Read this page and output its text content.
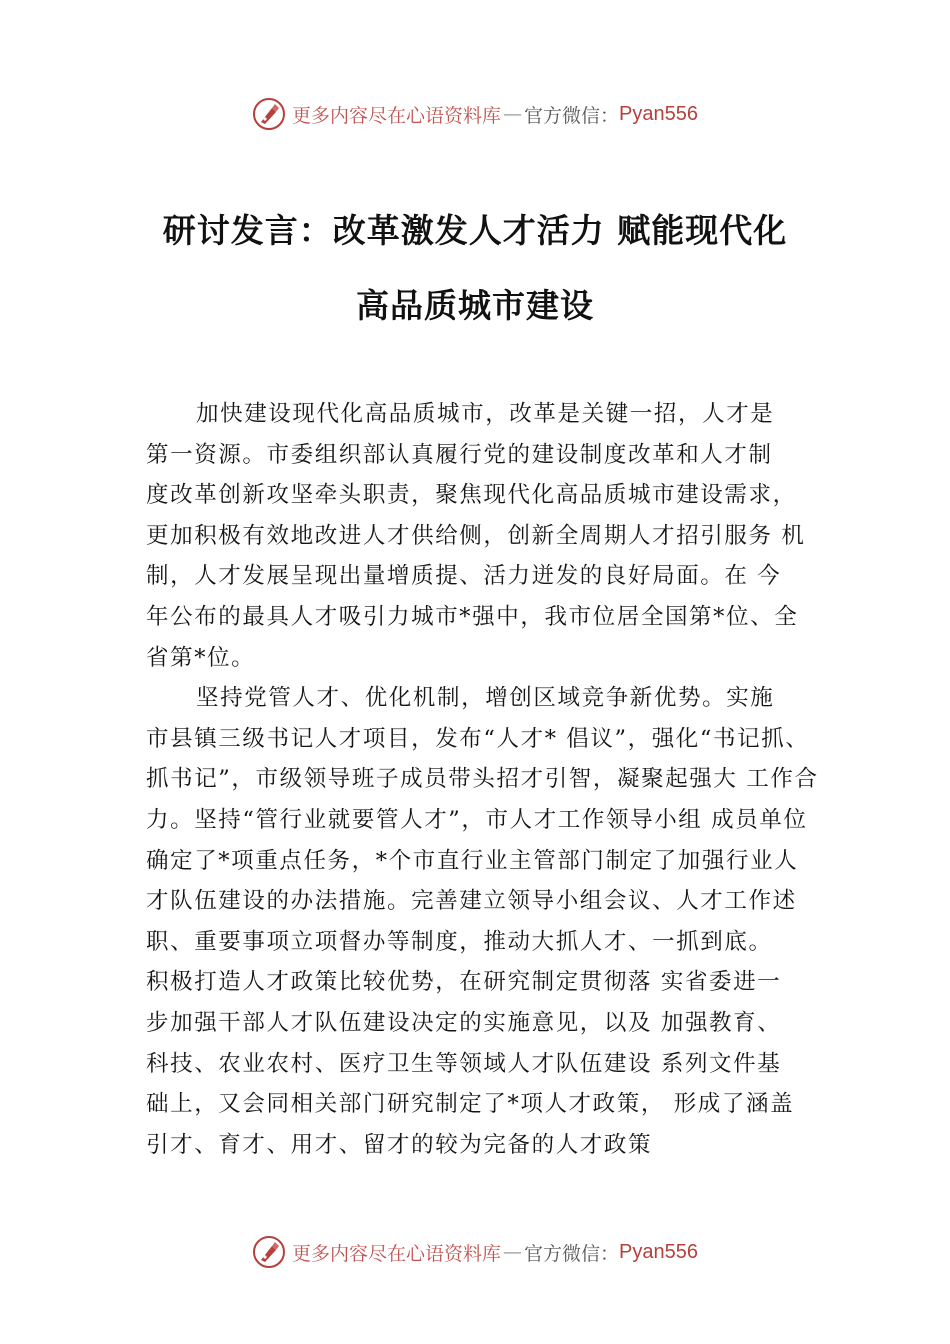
更多内容尽在心语资料库 — 官方微信： Pyan556
研讨发言：改革激发人才活力 赋能现代化
高品质城市建设
加快建设现代化高品质城市，改革是关键一招，人才是
第一资源。市委组织部认真履行党的建设制度改革和人才制
度改革创新攻坚牵头职责，聚焦现代化高品质城市建设需求，
更加积极有效地改进人才供给侧，创新全周期人才招引服务 机
制，人才发展呈现出量增质提、活力迸发的良好局面。在 今
年公布的最具人才吸引力城市*强中，我市位居全国第*位、全
省第*位。
坚持党管人才、优化机制，增创区域竞争新优势。实施
市县镇三级书记人才项目，发布“人才* 倡议”，强化“书记抓、
抓书记”，市级领导班子成员带头招才引智，凝聚起强大 工作合
力。坚持“管行业就要管人才”，市人才工作领导小组 成员单位
确定了*项重点任务，*个市直行业主管部门制定了加强行业人
才队伍建设的办法措施。完善建立领导小组会议、人才工作述
职、重要事项立项督办等制度，推动大抓人才、一抓到底。
积极打造人才政策比较优势，在研究制定贯彻落 实省委进一
步加强干部人才队伍建设决定的实施意见，以及 加强教育、
科技、农业农村、医疗卫生等领域人才队伍建设 系列文件基
础上，又会同相关部门研究制定了*项人才政策， 形成了涵盖
引才、育才、用才、留才的较为完备的人才政策
更多内容尽在心语资料库 — 官方微信： Pyan556
